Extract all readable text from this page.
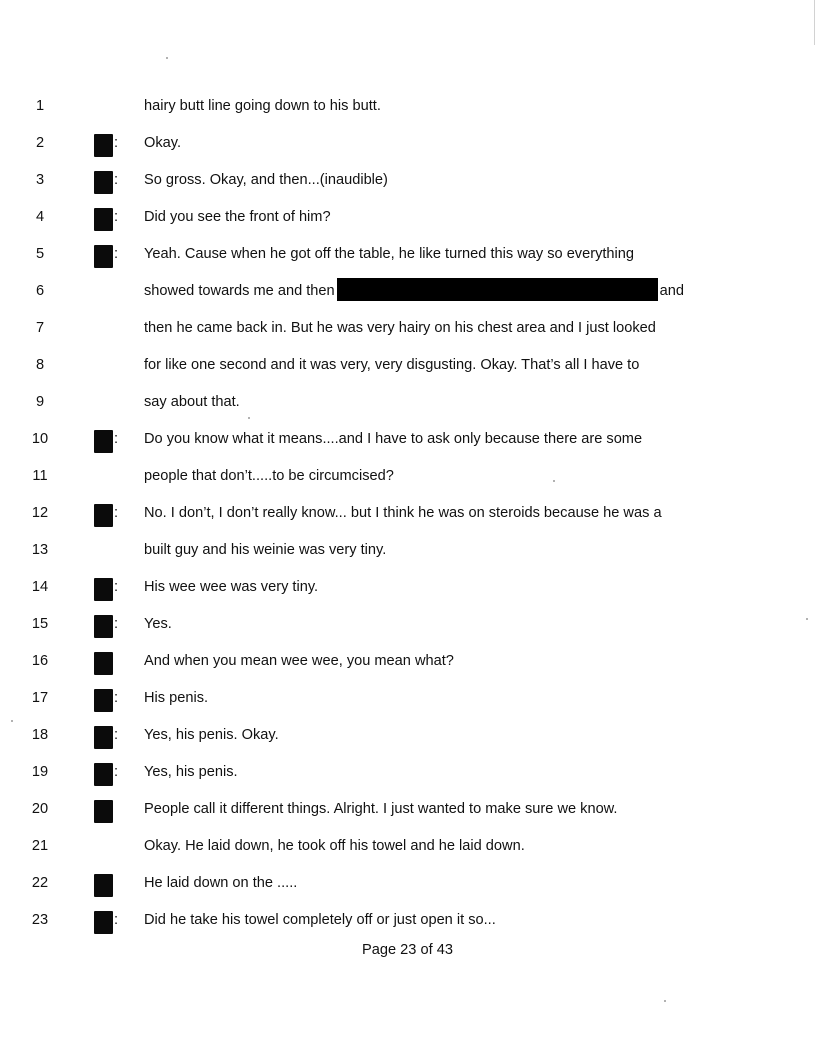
1	hairy butt line going down to his butt.
2	: Okay.
3	: So gross. Okay, and then...(inaudible)
4	: Did you see the front of him?
5	: Yeah. Cause when he got off the table, he like turned this way so everything
6	showed towards me and then	and
7	then he came back in. But he was very hairy on his chest area and I just looked
8	for like one second and it was very, very disgusting. Okay. That’s all I have to
9	say about that.
10	: Do you know what it means....and I have to ask only because there are some
11	people that don’t.....to be circumcised?
12	: No. I don’t, I don’t really know... but I think he was on steroids because he was a
13	built guy and his weinie was very tiny.
14	: His wee wee was very tiny.
15	: Yes.
16	And when you mean wee wee, you mean what?
17	: His penis.
18	: Yes, his penis. Okay.
19	: Yes, his penis.
20	People call it different things. Alright. I just wanted to make sure we know.
21	Okay. He laid down, he took off his towel and he laid down.
22	He laid down on the .....
23	: Did he take his towel completely off or just open it so...
Page 23 of 43
